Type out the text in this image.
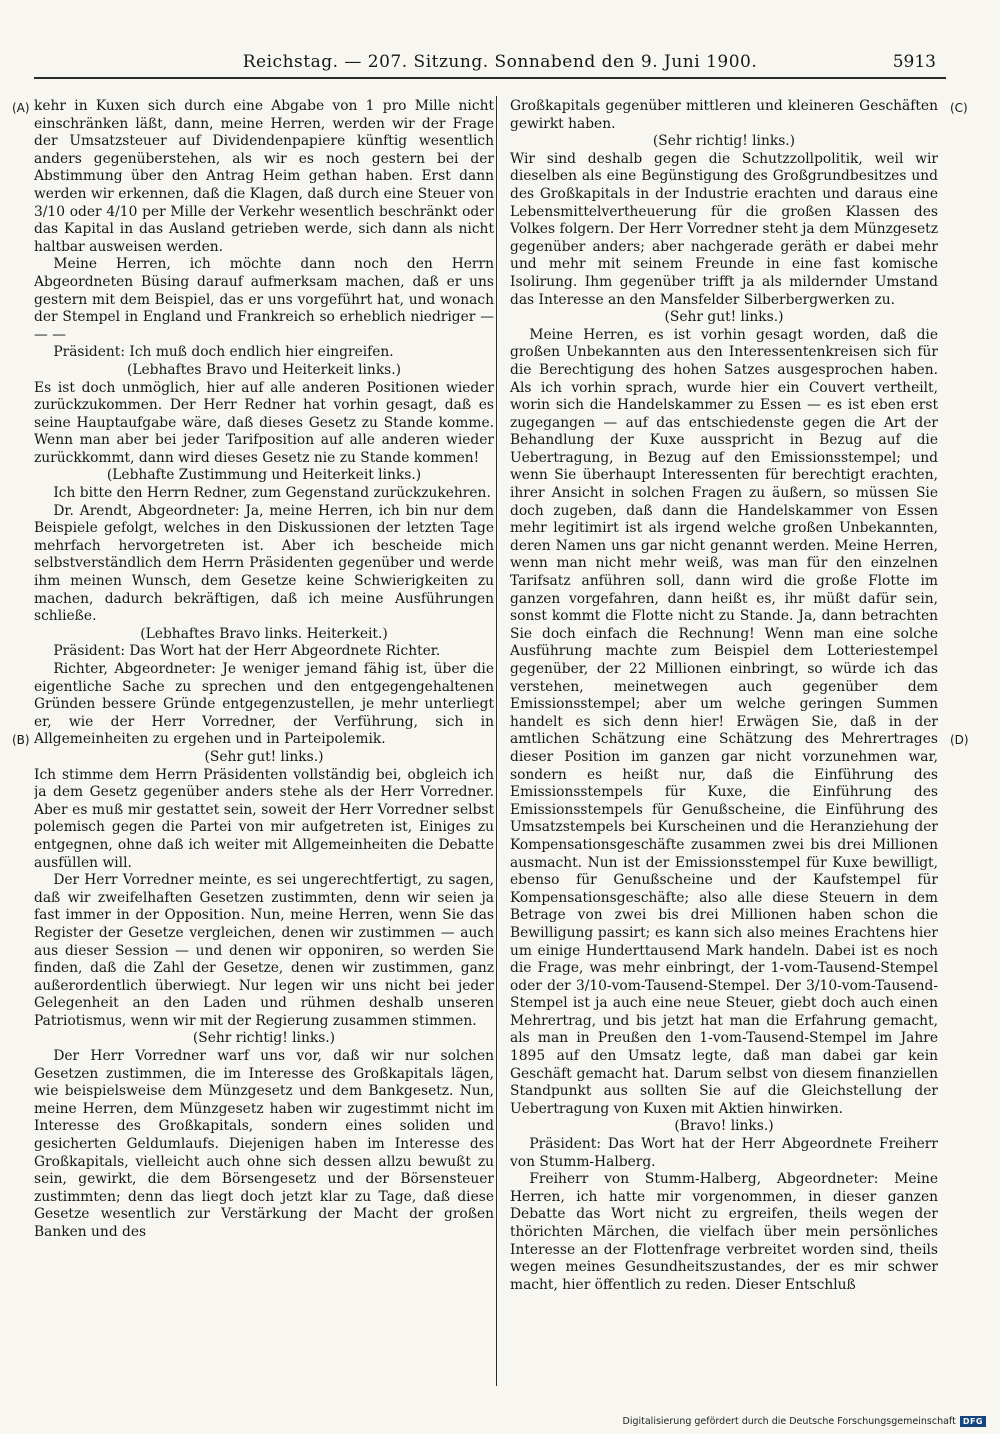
Reichstag. — 207. Sitzung. Sonnabend den 9. Juni 1900.	5913
(A)
(B)
(C)
(D)

kehr in Kuxen sich durch eine Abgabe von 1 pro Mille nicht einschränken läßt, dann, meine Herren, werden wir der Frage der Umsatzsteuer auf Dividendenpapiere künftig wesentlich anders gegenüberstehen, als wir es noch gestern bei der Abstimmung über den Antrag Heim gethan haben. Erst dann werden wir erkennen, daß die Klagen, daß durch eine Steuer von 3/10 oder 4/10 per Mille der Verkehr wesentlich beschränkt oder das Kapital in das Ausland getrieben werde, sich dann als nicht haltbar ausweisen werden.

Meine Herren, ich möchte dann noch den Herrn Abgeordneten Büsing darauf aufmerksam machen, daß er uns gestern mit dem Beispiel, das er uns vorgeführt hat, und wonach der Stempel in England und Frankreich so erheblich niedriger — — —

Präsident: Ich muß doch endlich hier eingreifen.

(Lebhaftes Bravo und Heiterkeit links.)

Es ist doch unmöglich, hier auf alle anderen Positionen wieder zurückzukommen. Der Herr Redner hat vorhin gesagt, daß es seine Hauptaufgabe wäre, daß dieses Gesetz zu Stande komme. Wenn man aber bei jeder Tarifposition auf alle anderen wieder zurückkommt, dann wird dieses Gesetz nie zu Stande kommen!

(Lebhafte Zustimmung und Heiterkeit links.)

Ich bitte den Herrn Redner, zum Gegenstand zurückzukehren.

Dr. Arendt, Abgeordneter: Ja, meine Herren, ich bin nur dem Beispiele gefolgt, welches in den Diskussionen der letzten Tage mehrfach hervorgetreten ist. Aber ich bescheide mich selbstverständlich dem Herrn Präsidenten gegenüber und werde ihm meinen Wunsch, dem Gesetze keine Schwierigkeiten zu machen, dadurch bekräftigen, daß ich meine Ausführungen schließe.

(Lebhaftes Bravo links. Heiterkeit.)

Präsident: Das Wort hat der Herr Abgeordnete Richter.

Richter, Abgeordneter: Je weniger jemand fähig ist, über die eigentliche Sache zu sprechen und den entgegengehaltenen Gründen bessere Gründe entgegenzustellen, je mehr unterliegt er, wie der Herr Vorredner, der Verführung, sich in Allgemeinheiten zu ergehen und in Parteipolemik.

(Sehr gut! links.)

Ich stimme dem Herrn Präsidenten vollständig bei, obgleich ich ja dem Gesetz gegenüber anders stehe als der Herr Vorredner. Aber es muß mir gestattet sein, soweit der Herr Vorredner selbst polemisch gegen die Partei von mir aufgetreten ist, Einiges zu entgegnen, ohne daß ich weiter mit Allgemeinheiten die Debatte ausfüllen will.

Der Herr Vorredner meinte, es sei ungerechtfertigt, zu sagen, daß wir zweifelhaften Gesetzen zustimmten, denn wir seien ja fast immer in der Opposition. Nun, meine Herren, wenn Sie das Register der Gesetze vergleichen, denen wir zustimmen — auch aus dieser Session — und denen wir opponiren, so werden Sie finden, daß die Zahl der Gesetze, denen wir zustimmen, ganz außerordentlich überwiegt. Nur legen wir uns nicht bei jeder Gelegenheit an den Laden und rühmen deshalb unseren Patriotismus, wenn wir mit der Regierung zusammen stimmen.

(Sehr richtig! links.)

Der Herr Vorredner warf uns vor, daß wir nur solchen Gesetzen zustimmen, die im Interesse des Großkapitals lägen, wie beispielsweise dem Münzgesetz und dem Bankgesetz. Nun, meine Herren, dem Münzgesetz haben wir zugestimmt nicht im Interesse des Großkapitals, sondern eines soliden und gesicherten Geldumlaufs. Diejenigen haben im Interesse des Großkapitals, vielleicht auch ohne sich dessen allzu bewußt zu sein, gewirkt, die dem Börsengesetz und der Börsensteuer zustimmten; denn das liegt doch jetzt klar zu Tage, daß diese Gesetze wesentlich zur Verstärkung der Macht der großen Banken und des

Großkapitals gegenüber mittleren und kleineren Geschäften gewirkt haben.

(Sehr richtig! links.)

Wir sind deshalb gegen die Schutzzollpolitik, weil wir dieselben als eine Begünstigung des Großgrundbesitzes und des Großkapitals in der Industrie erachten und daraus eine Lebensmittelvertheuerung für die großen Klassen des Volkes folgern. Der Herr Vorredner steht ja dem Münzgesetz gegenüber anders; aber nachgerade geräth er dabei mehr und mehr mit seinem Freunde in eine fast komische Isolirung. Ihm gegenüber trifft ja als mildernder Umstand das Interesse an den Mansfelder Silberbergwerken zu.

(Sehr gut! links.)

Meine Herren, es ist vorhin gesagt worden, daß die großen Unbekannten aus den Interessentenkreisen sich für die Berechtigung des hohen Satzes ausgesprochen haben. Als ich vorhin sprach, wurde hier ein Couvert vertheilt, worin sich die Handelskammer zu Essen — es ist eben erst zugegangen — auf das entschiedenste gegen die Art der Behandlung der Kuxe ausspricht in Bezug auf die Uebertragung, in Bezug auf den Emissionsstempel; und wenn Sie überhaupt Interessenten für berechtigt erachten, ihrer Ansicht in solchen Fragen zu äußern, so müssen Sie doch zugeben, daß dann die Handelskammer von Essen mehr legitimirt ist als irgend welche großen Unbekannten, deren Namen uns gar nicht genannt werden. Meine Herren, wenn man nicht mehr weiß, was man für den einzelnen Tarifsatz anführen soll, dann wird die große Flotte im ganzen vorgefahren, dann heißt es, ihr müßt dafür sein, sonst kommt die Flotte nicht zu Stande. Ja, dann betrachten Sie doch einfach die Rechnung! Wenn man eine solche Ausführung machte zum Beispiel dem Lotteriestempel gegenüber, der 22 Millionen einbringt, so würde ich das verstehen, meinetwegen auch gegenüber dem Emissionsstempel; aber um welche geringen Summen handelt es sich denn hier! Erwägen Sie, daß in der amtlichen Schätzung eine Schätzung des Mehrertrages dieser Position im ganzen gar nicht vorzunehmen war, sondern es heißt nur, daß die Einführung des Emissionsstempels für Kuxe, die Einführung des Emissionsstempels für Genußscheine, die Einführung des Umsatzstempels bei Kurscheinen und die Heranziehung der Kompensationsgeschäfte zusammen zwei bis drei Millionen ausmacht. Nun ist der Emissionsstempel für Kuxe bewilligt, ebenso für Genußscheine und der Kaufstempel für Kompensationsgeschäfte; also alle diese Steuern in dem Betrage von zwei bis drei Millionen haben schon die Bewilligung passirt; es kann sich also meines Erachtens hier um einige Hunderttausend Mark handeln. Dabei ist es noch die Frage, was mehr einbringt, der 1-vom-Tausend-Stempel oder der 3/10-vom-Tausend-Stempel. Der 3/10-vom-Tausend-Stempel ist ja auch eine neue Steuer, giebt doch auch einen Mehrertrag, und bis jetzt hat man die Erfahrung gemacht, als man in Preußen den 1-vom-Tausend-Stempel im Jahre 1895 auf den Umsatz legte, daß man dabei gar kein Geschäft gemacht hat. Darum selbst von diesem finanziellen Standpunkt aus sollten Sie auf die Gleichstellung der Uebertragung von Kuxen mit Aktien hinwirken.

(Bravo! links.)

Präsident: Das Wort hat der Herr Abgeordnete Freiherr von Stumm-Halberg.

Freiherr von Stumm-Halberg, Abgeordneter: Meine Herren, ich hatte mir vorgenommen, in dieser ganzen Debatte das Wort nicht zu ergreifen, theils wegen der thörichten Märchen, die vielfach über mein persönliches Interesse an der Flottenfrage verbreitet worden sind, theils wegen meines Gesundheitszustandes, der es mir schwer macht, hier öffentlich zu reden. Dieser Entschluß

Digitalisierung gefördert durch die Deutsche Forschungsgemeinschaft DFG
